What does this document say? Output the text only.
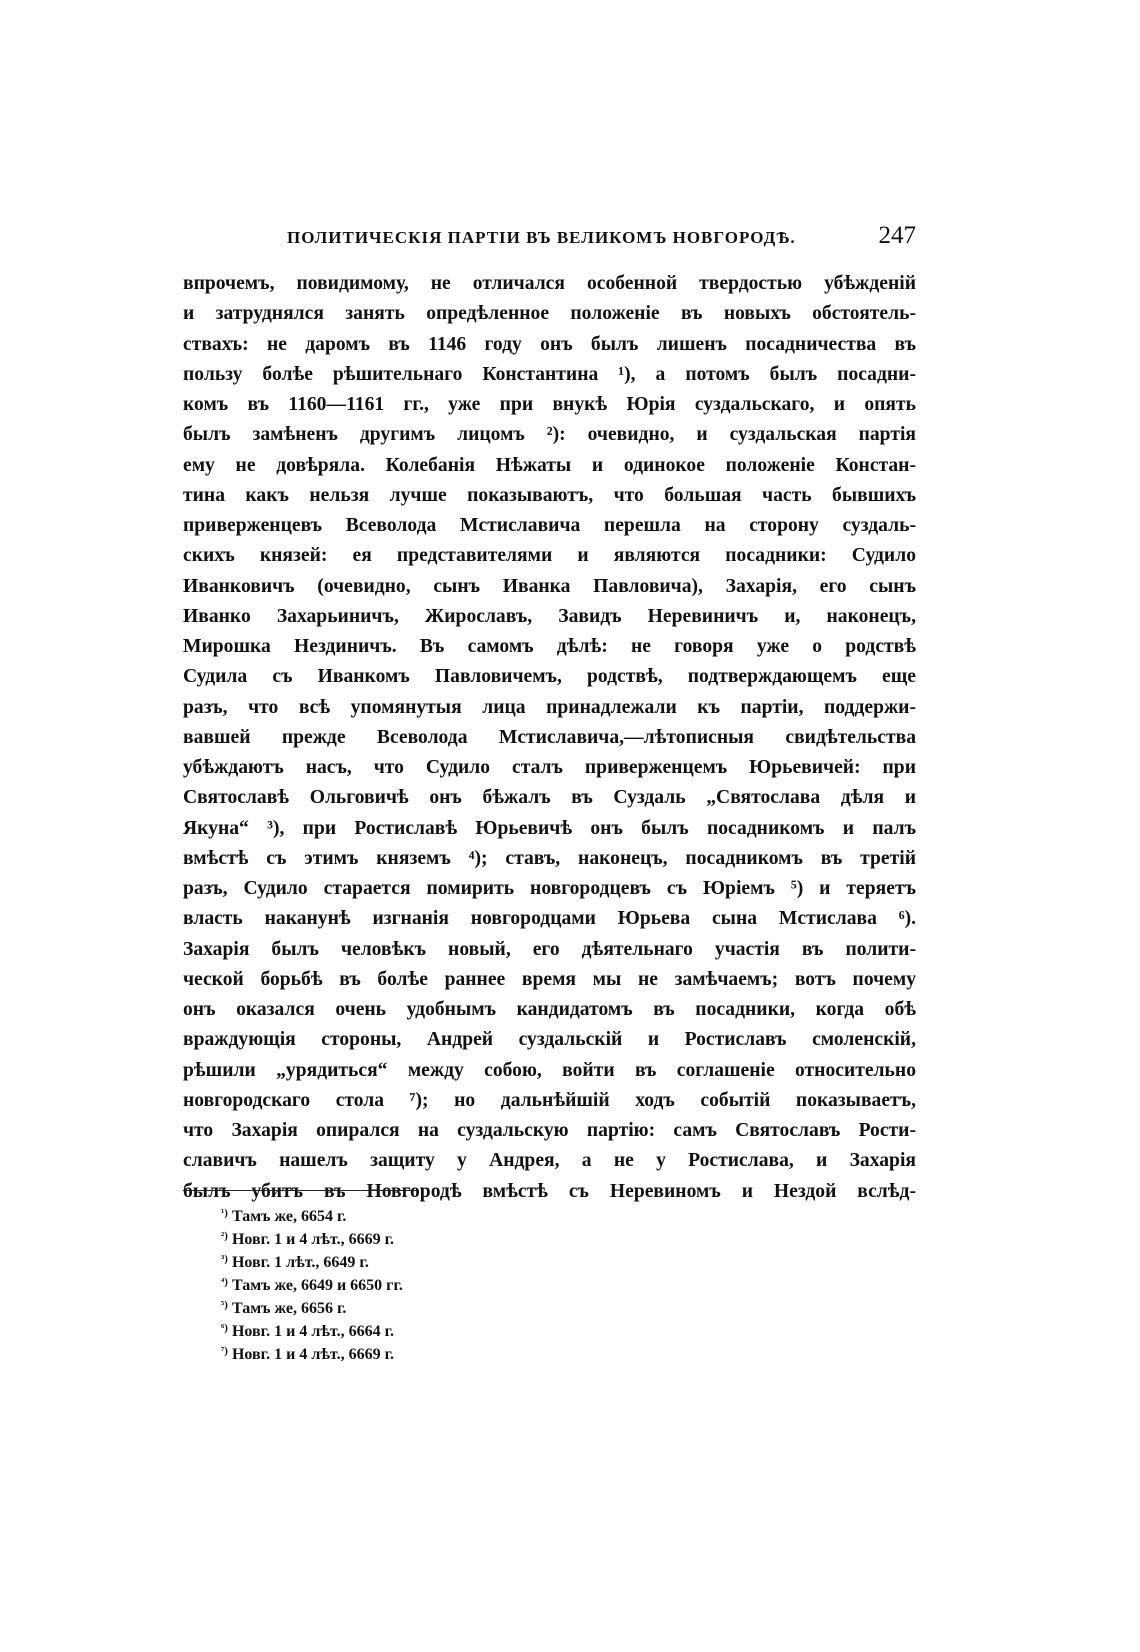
ПОЛИТИЧЕСКІЯ ПАРТІИ ВЪ ВЕЛИКОМЪ НОВГОРОДѢ.	247
впрочемъ, повидимому, не отличался особенной твердостью убѣжденій
и затруднялся занять опредѣленное положеніе въ новыхъ обстоятель-
ствахъ: не даромъ въ 1146 году онъ былъ лишенъ посадничества въ
пользу болѣе рѣшительнаго Константина ¹), а потомъ былъ посадни-
комъ въ 1160—1161 гг., уже при внукѣ Юрія суздальскаго, и опять
былъ замѣненъ другимъ лицомъ ²): очевидно, и суздальская партія
ему не довѣряла. Колебанія Нѣжаты и одинокое положеніе Констан-
тина какъ нельзя лучше показываютъ, что большая часть бывшихъ
приверженцевъ Всеволода Мстиславича перешла на сторону суздаль-
скихъ князей: ея представителями и являются посадники: Судило
Иванковичъ (очевидно, сынъ Иванка Павловича), Захарія, его сынъ
Иванко Захарьиничъ, Жирославъ, Завидъ Неревиничъ и, наконецъ,
Мирошка Нездиничъ. Въ самомъ дѣлѣ: не говоря уже о родствѣ
Судила съ Иванкомъ Павловичемъ, родствѣ, подтверждающемъ еще
разъ, что всѣ упомянутыя лица принадлежали къ партіи, поддержи-
вавшей прежде Всеволода Мстиславича,—лѣтописныя свидѣтельства
убѣждаютъ насъ, что Судило сталъ приверженцемъ Юрьевичей: при
Святославѣ Ольговичѣ онъ бѣжалъ въ Суздаль „Святослава дѣля и
Якуна“ ³), при Ростиславѣ Юрьевичѣ онъ былъ посадникомъ и палъ
вмѣстѣ съ этимъ княземъ ⁴); ставъ, наконецъ, посадникомъ въ третій
разъ, Судило старается помирить новгородцевъ съ Юріемъ ⁵) и теряетъ
власть наканунѣ изгнанія новгородцами Юрьева сына Мстислава ⁶).
Захарія былъ человѣкъ новый, его дѣятельнаго участія въ полити-
ческой борьбѣ въ болѣе раннее время мы не замѣчаемъ; вотъ почему
онъ оказался очень удобнымъ кандидатомъ въ посадники, когда обѣ
враждующія стороны, Андрей суздальскій и Ростиславъ смоленскій,
рѣшили „урядиться“ между собою, войти въ соглашеніе относительно
новгородскаго стола ⁷); но дальнѣйшій ходъ событій показываетъ,
что Захарія опирался на суздальскую партію: самъ Святославъ Рости-
славичъ нашелъ защиту у Андрея, а не у Ростислава, и Захарія
былъ убитъ въ Новгородѣ вмѣстѣ съ Неревиномъ и Нездой вслѣд-
$^{^1)}$ Тамъ же, 6654 г.
$^{^2)}$ Новг. 1 и 4 лѣт., 6669 г.
$^{^3)}$ Новг. 1 лѣт., 6649 г.
$^{^4)}$ Тамъ же, 6649 и 6650 гг.
$^{^5)}$ Тамъ же, 6656 г.
$^{^6)}$ Новг. 1 и 4 лѣт., 6664 г.
$^{^7)}$ Новг. 1 и 4 лѣт., 6669 г.
